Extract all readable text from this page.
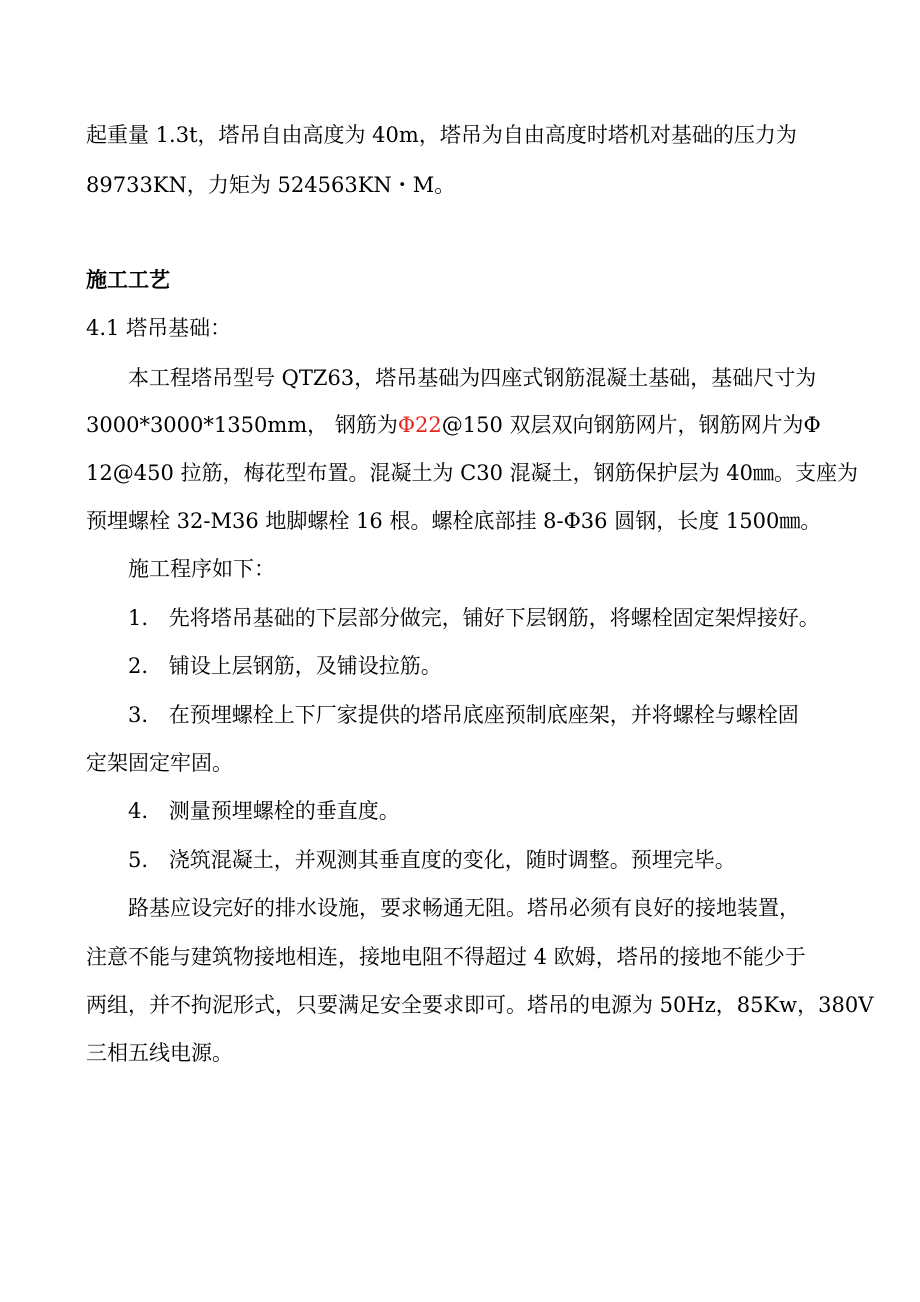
起重量 1.3t，塔吊自由高度为 40m，塔吊为自由高度时塔机对基础的压力为
89733KN，力矩为 524563KN・M。
施工工艺
4.1 塔吊基础：
本工程塔吊型号 QTZ63，塔吊基础为四座式钢筋混凝土基础，基础尺寸为
3000*3000*1350mm， 钢筋为Φ22@150 双层双向钢筋网片，钢筋网片为Φ
12@450 拉筋，梅花型布置。混凝土为 C30 混凝土，钢筋保护层为 40㎜。支座为
预埋螺栓 32-M36 地脚螺栓 16 根。螺栓底部挂 8-Φ36 圆钢，长度 1500㎜。
施工程序如下：
1. 先将塔吊基础的下层部分做完，铺好下层钢筋，将螺栓固定架焊接好。
2. 铺设上层钢筋，及铺设拉筋。
3. 在预埋螺栓上下厂家提供的塔吊底座预制底座架，并将螺栓与螺栓固
定架固定牢固。
4. 测量预埋螺栓的垂直度。
5. 浇筑混凝土，并观测其垂直度的变化，随时调整。预埋完毕。
路基应设完好的排水设施，要求畅通无阻。塔吊必须有良好的接地装置，
注意不能与建筑物接地相连，接地电阻不得超过 4 欧姆，塔吊的接地不能少于
两组，并不拘泥形式，只要满足安全要求即可。塔吊的电源为 50Hz，85Kw，380V
三相五线电源。
